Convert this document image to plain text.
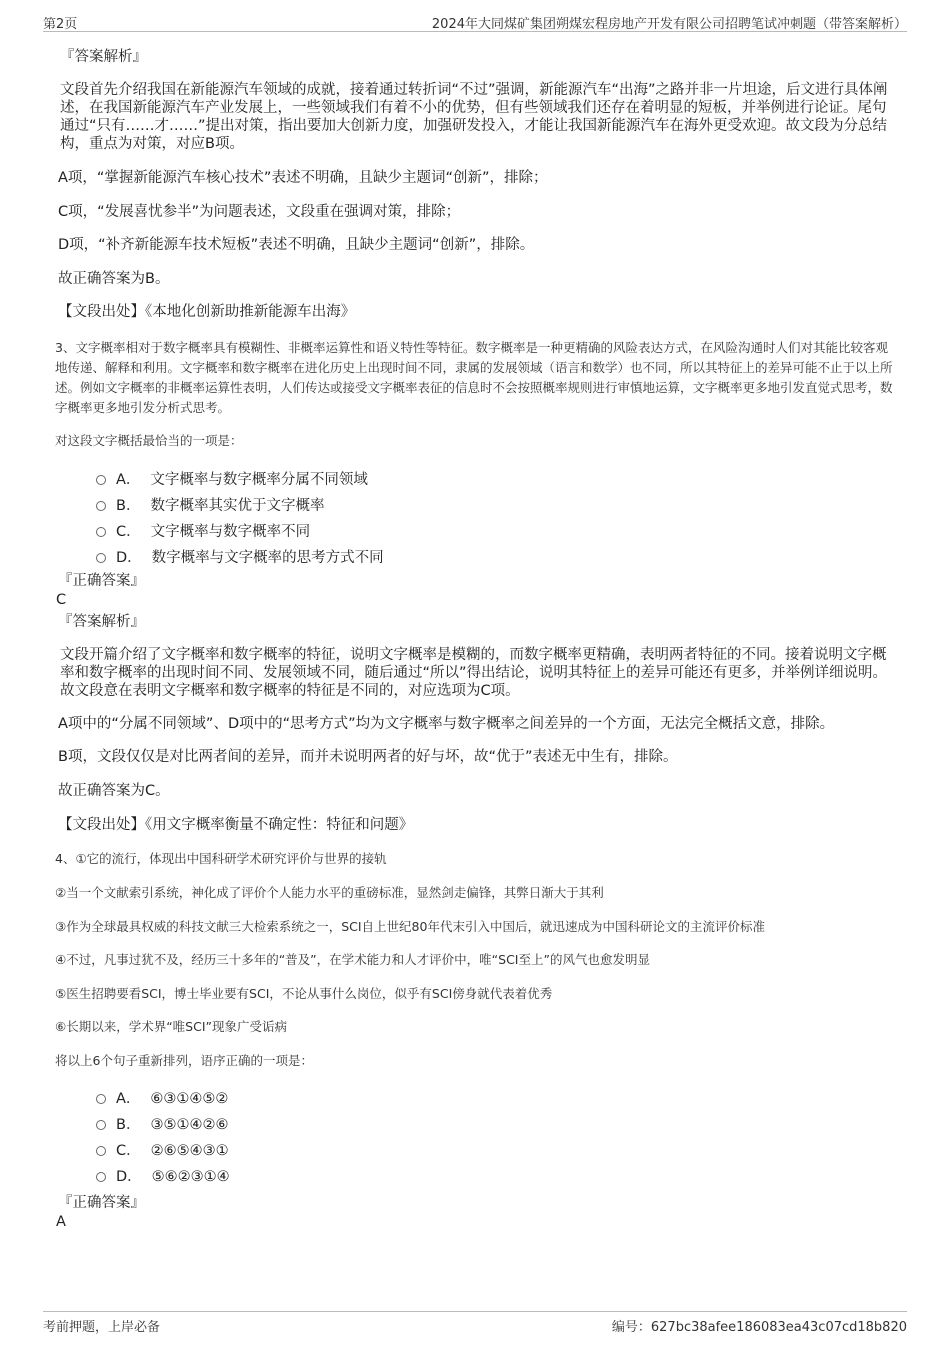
第2页	2024年大同煤矿集团朔煤宏程房地产开发有限公司招聘笔试冲刺题（带答案解析）
『答案解析』
文段首先介绍我国在新能源汽车领域的成就，接着通过转折词“不过”强调，新能源汽车“出海”之路并非一片坦途，后文进行具体阐述，在我国新能源汽车产业发展上，一些领域我们有着不小的优势，但有些领域我们还存在着明显的短板，并举例进行论证。尾句通过“只有……才……”提出对策，指出要加大创新力度，加强研发投入，才能让我国新能源汽车在海外更受欢迎。故文段为分总结构，重点为对策，对应B项。
A项，“掌握新能源汽车核心技术”表述不明确，且缺少主题词“创新”，排除；
C项，“发展喜忧参半”为问题表述，文段重在强调对策，排除；
D项，“补齐新能源车技术短板”表述不明确，且缺少主题词“创新”，排除。
故正确答案为B。
【文段出处】《本地化创新助推新能源车出海》
3、文字概率相对于数字概率具有模糊性、非概率运算性和语义特性等特征。数字概率是一种更精确的风险表达方式，在风险沟通时人们对其能比较客观地传递、解释和利用。文字概率和数字概率在进化历史上出现时间不同，隶属的发展领域（语言和数学）也不同，所以其特征上的差异可能不止于以上所述。例如文字概率的非概率运算性表明，人们传达或接受文字概率表征的信息时不会按照概率规则进行审慎地运算，文字概率更多地引发直觉式思考，数字概率更多地引发分析式思考。
对这段文字概括最恰当的一项是：
A． 文字概率与数字概率分属不同领域
B． 数字概率其实优于文字概率
C． 文字概率与数字概率不同
D． 数字概率与文字概率的思考方式不同
『正确答案』
C
『答案解析』
文段开篇介绍了文字概率和数字概率的特征，说明文字概率是模糊的，而数字概率更精确，表明两者特征的不同。接着说明文字概率和数字概率的出现时间不同、发展领域不同，随后通过“所以”得出结论，说明其特征上的差异可能还有更多，并举例详细说明。故文段意在表明文字概率和数字概率的特征是不同的，对应选项为C项。
A项中的“分属不同领域”、D项中的“思考方式”均为文字概率与数字概率之间差异的一个方面，无法完全概括文意，排除。
B项，文段仅仅是对比两者间的差异，而并未说明两者的好与坏，故“优于”表述无中生有，排除。
故正确答案为C。
【文段出处】《用文字概率衡量不确定性：特征和问题》
4、①它的流行，体现出中国科研学术研究评价与世界的接轨
②当一个文献索引系统，神化成了评价个人能力水平的重磅标准，显然剑走偏锋，其弊日渐大于其利
③作为全球最具权威的科技文献三大检索系统之一，SCI自上世纪80年代末引入中国后，就迅速成为中国科研论文的主流评价标准
④不过，凡事过犹不及，经历三十多年的“普及”，在学术能力和人才评价中，唯“SCI至上”的风气也愈发明显
⑤医生招聘要看SCI，博士毕业要有SCI，不论从事什么岗位，似乎有SCI傍身就代表着优秀
⑥长期以来，学术界“唯SCI”现象广受诟病
将以上6个句子重新排列，语序正确的一项是：
A． ⑥③①④⑤②
B． ③⑤①④②⑥
C． ②⑥⑤④③①
D． ⑤⑥②③①④
『正确答案』
A
考前押题，上岸必备	编号：627bc38afee186083ea43c07cd18b820
